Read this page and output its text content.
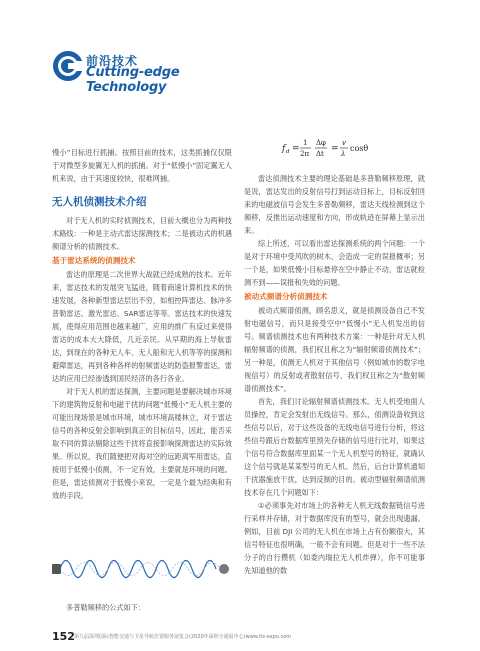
前沿技术
Cutting-edge Technology
f d =
1
2π
Δφ
Δt =
v
λ
cosθ

慢小”目标进行抓捕。按照目前的技术，这类抓捕仅仅限于对微型多旋翼无人机的抓捕。对于“低慢小”固定翼无人机来说，由于其速度较快，很难网捕。

无人机侦测技术介绍

对于无人机的实时侦测技术，目前大概也分为两种技术路线：一种是主动式雷达探测技术；二是被动式的机遇频谱分析的侦测技术。

基于雷达系统的侦测技术

雷达的原理是二次世界大战就已经成熟的技术。近年来，雷达技术的发展突飞猛进，随着商速计算机技术的快速发展，各种新型雷达层出不穷，如相控阵雷达、脉冲多普勒雷达、激光雷达、SAR雷达等等。雷达技术的快速发展，使得应用范围也越来越广，应用的推广有反过来使得雷达的成本大大降低，几近亲民。从早期的海上导航雷达，到现在的各种无人车、无人船和无人机等等的探测和避障雷达，再到各种各样的射频雷达的防盗报警雷达，雷达的应用已经渗透到国民经济的各行各业。

对于无人机的雷达探测，主要问题是要解决城市环境下的建筑物反射和电磁干扰的问题“低慢小”无人机主要的可能出现场景是城市环境，城市环境高楼林立，对于雷达信号的各种反射会影响到真正的目标信号，因此，能否采取不同的算法剔除这些干扰将直接影响探测雷达的实际效果。所以说，我们随便把对海对空的远距离军用雷达，直接用于低慢小侦测，不一定有效，主要就是环境的问题。但是，雷达侦测对于低慢小来说，一定是个最为经典和有效的手段。

多普勒频移的公式如下：

雷达侦测技术主要的理论基础是多普勒频移原理，就是说，雷达发出的反射信号打到运动目标上，目标反射回来的电磁波信号会发生多普勒频移，雷达天线检测到这个频移，反推出运动速度和方向，形成轨迹在屏幕上显示出来。

综上所述，可以看出雷达探测系统的两个问题：一个是对于环境中受风吹的树木、会造成一定的误报概率；另一个是，如果低慢小目标悬停在空中静止不动，雷达就检测不到——误报和失效的问题。

被动式频谱分析侦测技术

被动式频谱侦测，顾名思义，就是侦测设备自己不发射电磁信号，而只是接受空中“低慢小”无人机发出的信号。频谱侦测技术也有两种技术方案：一种是针对无人机辐射频谱的侦测，我们权且称之为“辐射频谱侦测技术”；另一种是，侦测无人机对于其他信号（例如城市的数字电视信号）的反射或者散射信号，我们权且称之为“散射频谱侦测技术”。

首先，我们讨论辐射频谱侦测技术。无人机受地面人员操控，肯定会发射出无线信号。那么，侦测设备收到这些信号以后，对于这些设备的无线电信号进行分析，将这些信号跟后台数据库里预先存储的信号进行比对，如果这个信号符合数据库里面某一个无人机型号的特征，就确认这个信号就是某某型号的无人机。然后，后台计算机通知干扰器施放干扰，达到反制的目的。被动型辐射频谱侦测技术存在几个问题如下：

①必须事先对市场上的各种无人机无线数据链信号进行采样并存储，对于数据库没有的型号，就会出现遗漏。例如，目前 DJI 公司的无人机在市场上占有份额很大，其信号特征也很明确，一般不会有问题。但是对于一些不法分子的自行攒机（如委内瑞拉无人机炸弹），你不可能事先知道他的数

152 第九届深圳国际智能交通与卫星导航位置服务展览会(2020年深圳全通展中心)www.its-expo.com
